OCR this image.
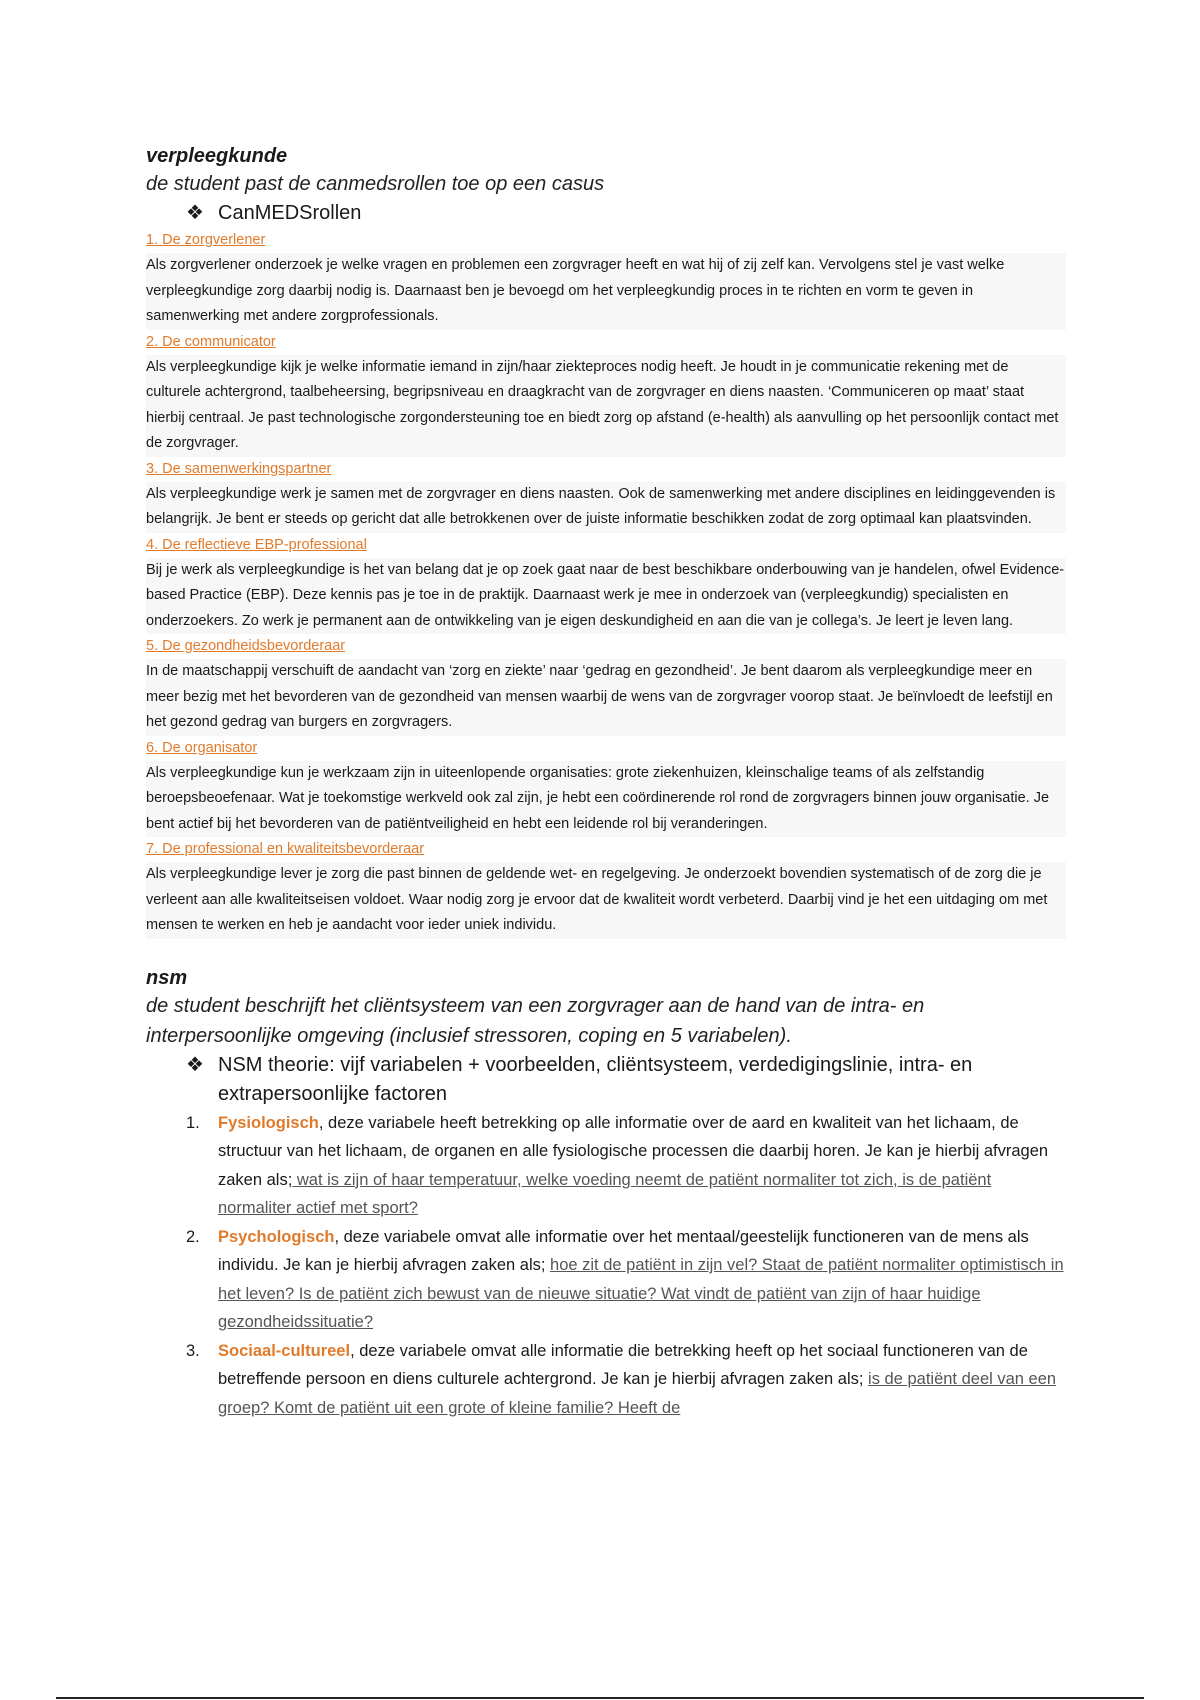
verpleegkunde

de student past de canmedsrollen toe op een casus

❖ CanMEDSrollen

1. De zorgverlener

Als zorgverlener onderzoek je welke vragen en problemen een zorgvrager heeft en wat hij of zij zelf kan. Vervolgens stel je vast welke verpleegkundige zorg daarbij nodig is. Daarnaast ben je bevoegd om het verpleegkundig proces in te richten en vorm te geven in samenwerking met andere zorgprofessionals.

2. De communicator

Als verpleegkundige kijk je welke informatie iemand in zijn/haar ziekteproces nodig heeft. Je houdt in je communicatie rekening met de culturele achtergrond, taalbeheersing, begripsniveau en draagkracht van de zorgvrager en diens naasten. ‘Communiceren op maat’ staat hierbij centraal. Je past technologische zorgondersteuning toe en biedt zorg op afstand (e-health) als aanvulling op het persoonlijk contact met de zorgvrager.

3. De samenwerkingspartner

Als verpleegkundige werk je samen met de zorgvrager en diens naasten. Ook de samenwerking met andere disciplines en leidinggevenden is belangrijk. Je bent er steeds op gericht dat alle betrokkenen over de juiste informatie beschikken zodat de zorg optimaal kan plaatsvinden.

4. De reflectieve EBP-professional

Bij je werk als verpleegkundige is het van belang dat je op zoek gaat naar de best beschikbare onderbouwing van je handelen, ofwel Evidence-based Practice (EBP). Deze kennis pas je toe in de praktijk. Daarnaast werk je mee in onderzoek van (verpleegkundig) specialisten en onderzoekers. Zo werk je permanent aan de ontwikkeling van je eigen deskundigheid en aan die van je collega’s. Je leert je leven lang.

5. De gezondheidsbevorderaar

In de maatschappij verschuift de aandacht van ‘zorg en ziekte’ naar ‘gedrag en gezondheid’. Je bent daarom als verpleegkundige meer en meer bezig met het bevorderen van de gezondheid van mensen waarbij de wens van de zorgvrager voorop staat. Je beïnvloedt de leefstijl en het gezond gedrag van burgers en zorgvragers.

6. De organisator

Als verpleegkundige kun je werkzaam zijn in uiteenlopende organisaties: grote ziekenhuizen, kleinschalige teams of als zelfstandig beroepsbeoefenaar. Wat je toekomstige werkveld ook zal zijn, je hebt een coördinerende rol rond de zorgvragers binnen jouw organisatie. Je bent actief bij het bevorderen van de patiëntveiligheid en hebt een leidende rol bij veranderingen.

7. De professional en kwaliteitsbevorderaar

Als verpleegkundige lever je zorg die past binnen de geldende wet- en regelgeving. Je onderzoekt bovendien systematisch of de zorg die je verleent aan alle kwaliteitseisen voldoet. Waar nodig zorg je ervoor dat de kwaliteit wordt verbeterd. Daarbij vind je het een uitdaging om met mensen te werken en heb je aandacht voor ieder uniek individu.

nsm

de student beschrijft het cliëntsysteem van een zorgvrager aan de hand van de intra- en interpersoonlijke omgeving (inclusief stressoren, coping en 5 variabelen).

❖ NSM theorie: vijf variabelen + voorbeelden, cliëntsysteem, verdedigingslinie, intra- en extrapersoonlijke factoren

1.	Fysiologisch, deze variabele heeft betrekking op alle informatie over de aard en kwaliteit van het lichaam, de structuur van het lichaam, de organen en alle fysiologische processen die daarbij horen. Je kan je hierbij afvragen zaken als; wat is zijn of haar temperatuur, welke voeding neemt de patiënt normaliter tot zich, is de patiënt normaliter actief met sport?
2.	Psychologisch, deze variabele omvat alle informatie over het mentaal/geestelijk functioneren van de mens als individu. Je kan je hierbij afvragen zaken als; hoe zit de patiënt in zijn vel? Staat de patiënt normaliter optimistisch in het leven? Is de patiënt zich bewust van de nieuwe situatie? Wat vindt de patiënt van zijn of haar huidige gezondheidssituatie?
3.	Sociaal-cultureel, deze variabele omvat alle informatie die betrekking heeft op het sociaal functioneren van de betreffende persoon en diens culturele achtergrond. Je kan je hierbij afvragen zaken als; is de patiënt deel van een groep? Komt de patiënt uit een grote of kleine familie? Heeft de
